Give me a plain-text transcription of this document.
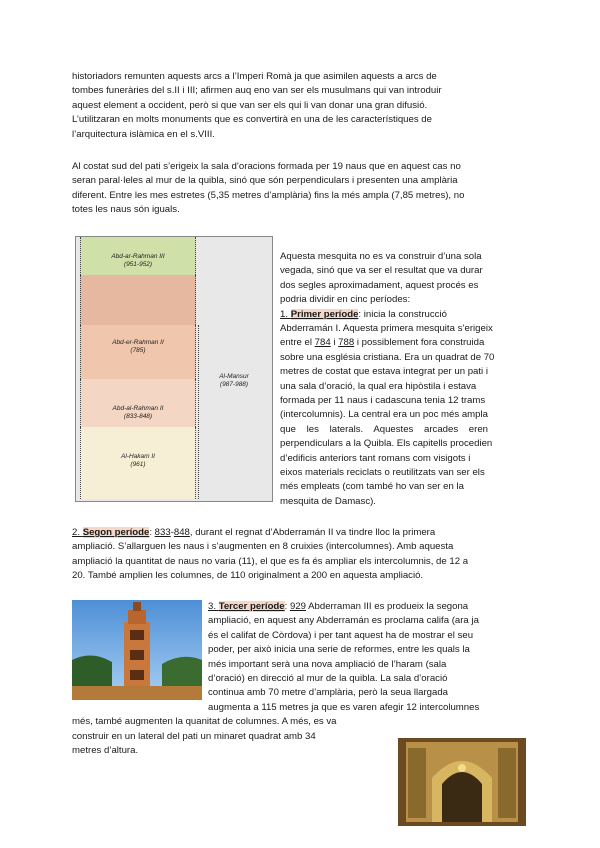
historiadors remunten aquests arcs a l’Imperi Romà ja que asimilen aquests a arcs de
tombes funeràries del s.II i III; afirmen auq eno van ser els musulmans qui van introduir
aquest element a occident, però si que van ser els qui li van donar una gran difusió.
L’utilitzaran en molts monuments que es convertirà en una de les característiques de
l’arquitectura islàmica en el s.VIII.
Al costat sud del pati s’erigeix la sala d’oracions formada per 19 naus que en aquest cas no
seran paral·leles al mur de la quibla, sinó que són perpendiculars i presenten una amplària
diferent. Entre les mes estretes (5,35 metres d’amplària) fins la més ampla (7,85 metres), no
totes les naus són iguals.
Abd-ar-Rahman III
(951-952)
Abd-er-Rahman II
(785)
Abd-al-Rahman II
(833-848)
Al-Hakam II
(961)
Al-Mansur
(987-988)
Aquesta mesquita no es va construir d’una sola
vegada, sinó que va ser el resultat que va durar
dos segles aproximadament, aquest procés es
podria dividir en cinc períodes:
1. Primer període: inicia la construcció
Abderramán I. Aquesta primera mesquita s’erigeix
entre el 784 i 788 i possiblement fora construida
sobre una església cristiana. Era un quadrat de 70
metres de costat que estava integrat per un pati i
una sala d’oració, la qual era hipòstila i estava
formada per 11 naus i cadascuna tenia 12 trams
(intercolumnis). La central era un poc més ampla
que les laterals. Aquestes arcades eren
perpendiculars a la Quibla. Els capitells procedien
d’edificis anteriors tant romans com visigots i
eixos materials reciclats o reutilitzats van ser els
més empleats (com també ho van ser en la
mesquita de Damasc).
2. Segon període: 833-848, durant el regnat d’Abderramán II va tindre lloc la primera
ampliació. S’allarguen les naus i s’augmenten en 8 cruixies (intercolumnes). Amb aquesta
ampliació la quantitat de naus no varia (11), el que es fa és ampliar els intercolumnis, de 12 a
20. També amplien les columnes, de 110 originalment a 200 en aquesta ampliació.
3. Tercer període: 929 Abderraman III es produeix la segona
ampliació, en aquest any Abderramán es proclama califa (ara ja
és el califat de Còrdova) i per tant aquest ha de mostrar el seu
poder, per això inicia una serie de reformes, entre les quals la
més important serà una nova ampliació de l’haram (sala
d’oració) en direcció al mur de la quibla. La sala d’oració
continua amb 70 metre d’amplària, però la seua llargada
augmenta a 115 metres ja que es varen afegir 12 intercolumnes
més, també augmenten la quanitat de columnes. A més, es va
construir en un lateral del pati un minaret quadrat amb 34
metres d’altura.
